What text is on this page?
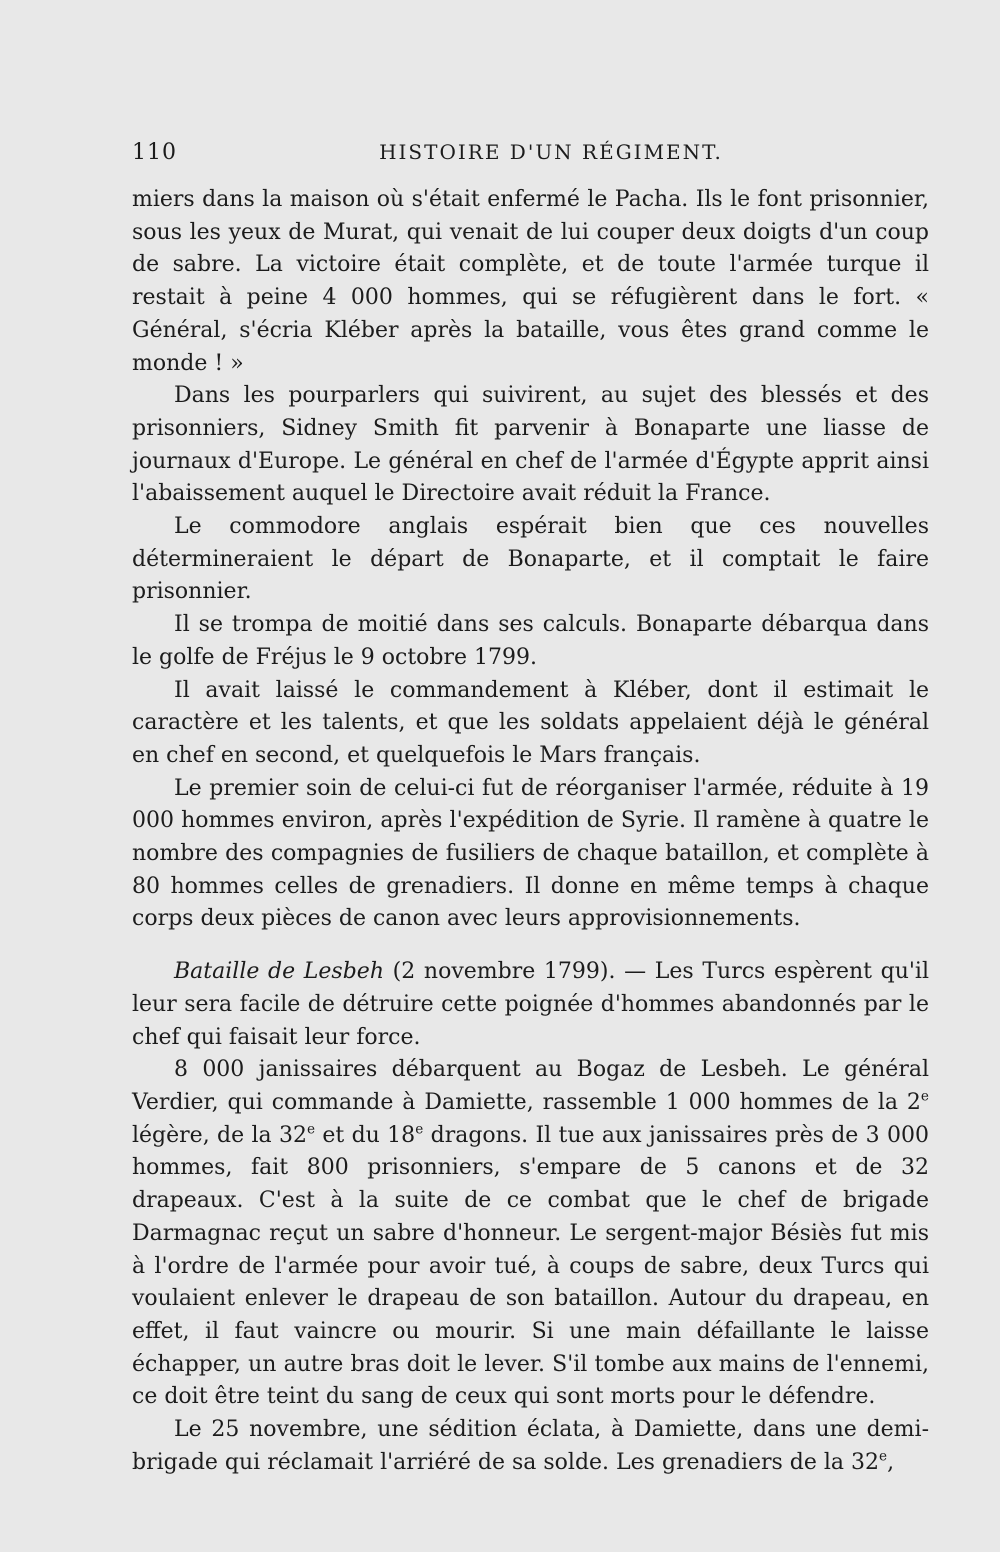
110	HISTOIRE D'UN RÉGIMENT.

miers dans la maison où s'était enfermé le Pacha. Ils le font prisonnier, sous les yeux de Murat, qui venait de lui couper deux doigts d'un coup de sabre. La victoire était complète, et de toute l'armée turque il restait à peine 4 000 hommes, qui se réfugièrent dans le fort. « Général, s'écria Kléber après la bataille, vous êtes grand comme le monde ! »

Dans les pourparlers qui suivirent, au sujet des blessés et des prisonniers, Sidney Smith fit parvenir à Bonaparte une liasse de journaux d'Europe. Le général en chef de l'armée d'Égypte apprit ainsi l'abaissement auquel le Directoire avait réduit la France.

Le commodore anglais espérait bien que ces nouvelles détermineraient le départ de Bonaparte, et il comptait le faire prisonnier.

Il se trompa de moitié dans ses calculs. Bonaparte débarqua dans le golfe de Fréjus le 9 octobre 1799.

Il avait laissé le commandement à Kléber, dont il estimait le caractère et les talents, et que les soldats appelaient déjà le général en chef en second, et quelquefois le Mars français.

Le premier soin de celui-ci fut de réorganiser l'armée, réduite à 19 000 hommes environ, après l'expédition de Syrie. Il ramène à quatre le nombre des compagnies de fusiliers de chaque bataillon, et complète à 80 hommes celles de grenadiers. Il donne en même temps à chaque corps deux pièces de canon avec leurs approvisionnements.

Bataille de Lesbeh (2 novembre 1799). — Les Turcs espèrent qu'il leur sera facile de détruire cette poignée d'hommes abandonnés par le chef qui faisait leur force.

8 000 janissaires débarquent au Bogaz de Lesbeh. Le général Verdier, qui commande à Damiette, rassemble 1 000 hommes de la 2e légère, de la 32e et du 18e dragons. Il tue aux janissaires près de 3 000 hommes, fait 800 prisonniers, s'empare de 5 canons et de 32 drapeaux. C'est à la suite de ce combat que le chef de brigade Darmagnac reçut un sabre d'honneur. Le sergent-major Bésiès fut mis à l'ordre de l'armée pour avoir tué, à coups de sabre, deux Turcs qui voulaient enlever le drapeau de son bataillon. Autour du drapeau, en effet, il faut vaincre ou mourir. Si une main défaillante le laisse échapper, un autre bras doit le lever. S'il tombe aux mains de l'ennemi, ce doit être teint du sang de ceux qui sont morts pour le défendre.

Le 25 novembre, une sédition éclata, à Damiette, dans une demi-brigade qui réclamait l'arriéré de sa solde. Les grenadiers de la 32e,
